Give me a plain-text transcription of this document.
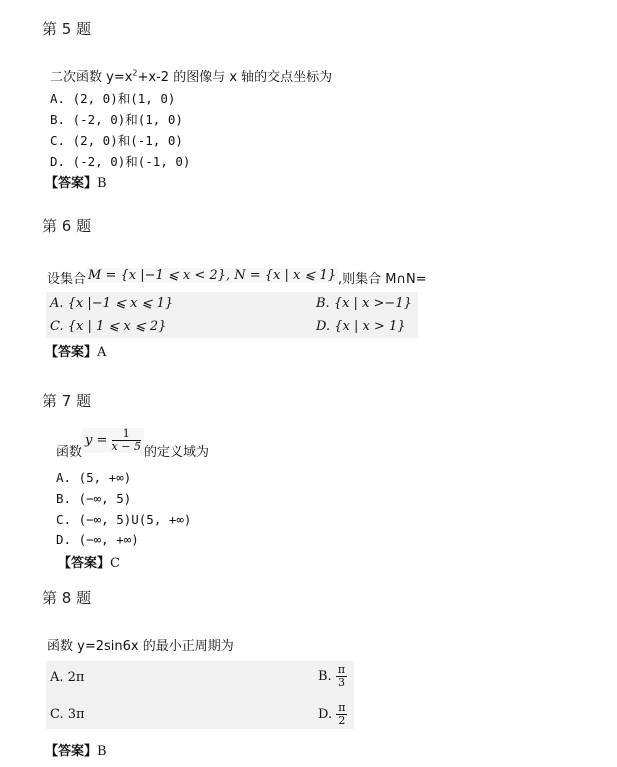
第 5 题
二次函数 $y=x^2+x-2$ 的图像与 x 轴的交点坐标为
A. (2, 0)和(1, 0)
B. (-2, 0)和(1, 0)
C. (2, 0)和(-1, 0)
D. (-2, 0)和(-1, 0)
【答案】B
第 6 题
设集合 M = {x |−1 ⩽ x < 2}, N = {x | x ⩽ 1} ,则集合 M∩N=
A. {x |−1 ⩽ x ⩽ 1}	B. {x | x >−1}
C. {x | 1 ⩽ x ⩽ 2}	D. {x | x > 1}
【答案】A
第 7 题
函数$y = \frac{1}{x - 5}$ 的定义域为
A. (5, +∞)
B. (−∞, 5)
C. (−∞, 5)U(5, +∞)
D. (−∞, +∞)
【答案】C
第 8 题
函数 y=2sin6x 的最小正周期为
A. 2π	B. $\frac{\pi}{3}$
C. 3π	D. $\frac{\pi}{2}$
【答案】B
